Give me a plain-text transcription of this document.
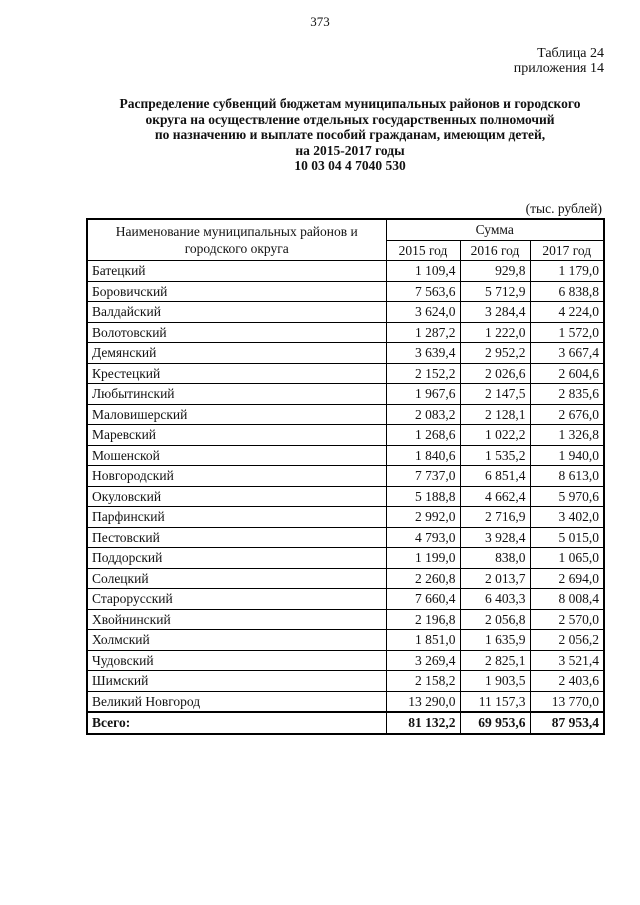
373
Таблица 24
приложения 14
Распределение субвенций бюджетам муниципальных районов и городского
округа на осуществление отдельных государственных полномочий
по назначению и выплате пособий гражданам, имеющим детей,
на 2015-2017 годы
10 03 04 4 7040 530
(тыс. рублей)
Наименование муниципальных районов и городского округа	Сумма		
	2015 год	2016 год	2017 год
Батецкий	1 109,4	929,8	1 179,0
Боровичский	7 563,6	5 712,9	6 838,8
Валдайский	3 624,0	3 284,4	4 224,0
Волотовский	1 287,2	1 222,0	1 572,0
Демянский	3 639,4	2 952,2	3 667,4
Крестецкий	2 152,2	2 026,6	2 604,6
Любытинский	1 967,6	2 147,5	2 835,6
Маловишерский	2 083,2	2 128,1	2 676,0
Маревский	1 268,6	1 022,2	1 326,8
Мошенской	1 840,6	1 535,2	1 940,0
Новгородский	7 737,0	6 851,4	8 613,0
Окуловский	5 188,8	4 662,4	5 970,6
Парфинский	2 992,0	2 716,9	3 402,0
Пестовский	4 793,0	3 928,4	5 015,0
Поддорский	1 199,0	838,0	1 065,0
Солецкий	2 260,8	2 013,7	2 694,0
Старорусский	7 660,4	6 403,3	8 008,4
Хвойнинский	2 196,8	2 056,8	2 570,0
Холмский	1 851,0	1 635,9	2 056,2
Чудовский	3 269,4	2 825,1	3 521,4
Шимский	2 158,2	1 903,5	2 403,6
Великий Новгород	13 290,0	11 157,3	13 770,0
Всего:	81 132,2	69 953,6	87 953,4
